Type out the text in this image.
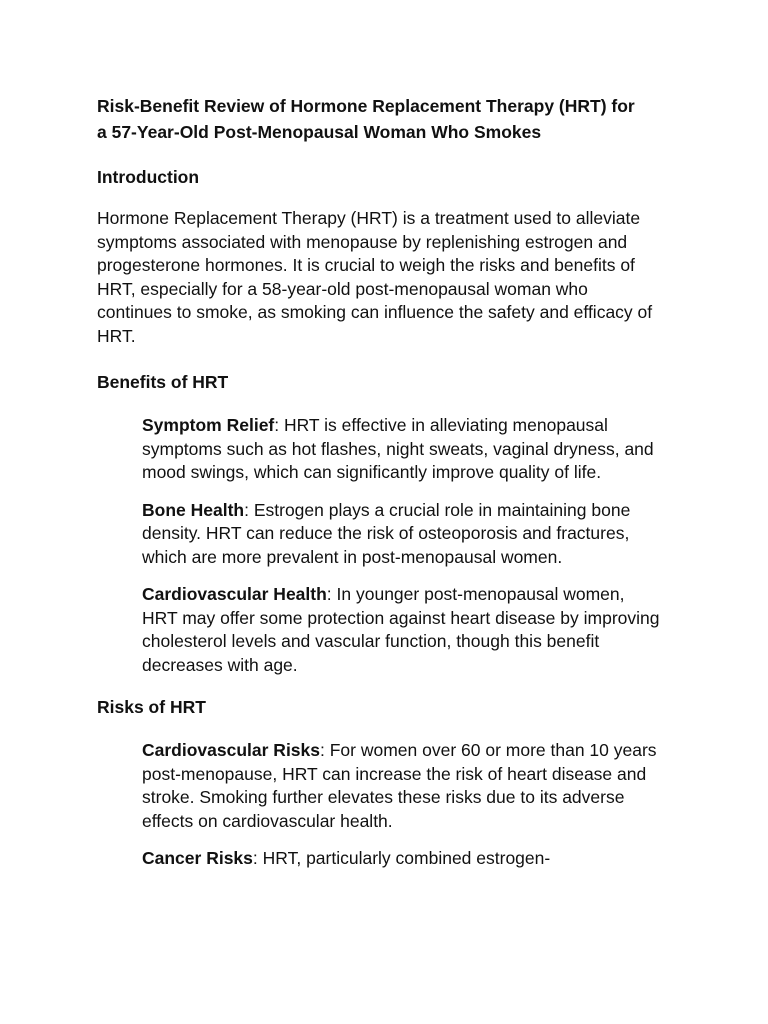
Risk-Benefit Review of Hormone Replacement Therapy (HRT) for a 57-Year-Old Post-Menopausal Woman Who Smokes
Introduction

Hormone Replacement Therapy (HRT) is a treatment used to alleviate symptoms associated with menopause by replenishing estrogen and progesterone hormones. It is crucial to weigh the risks and benefits of HRT, especially for a 58-year-old post-menopausal woman who continues to smoke, as smoking can influence the safety and efficacy of HRT.

Benefits of HRT
Symptom Relief: HRT is effective in alleviating menopausal symptoms such as hot flashes, night sweats, vaginal dryness, and mood swings, which can significantly improve quality of life.
Bone Health: Estrogen plays a crucial role in maintaining bone density. HRT can reduce the risk of osteoporosis and fractures, which are more prevalent in post-menopausal women.
Cardiovascular Health: In younger post-menopausal women, HRT may offer some protection against heart disease by improving cholesterol levels and vascular function, though this benefit decreases with age.
Risks of HRT
Cardiovascular Risks: For women over 60 or more than 10 years post-menopause, HRT can increase the risk of heart disease and stroke. Smoking further elevates these risks due to its adverse effects on cardiovascular health.
Cancer Risks: HRT, particularly combined estrogen-
